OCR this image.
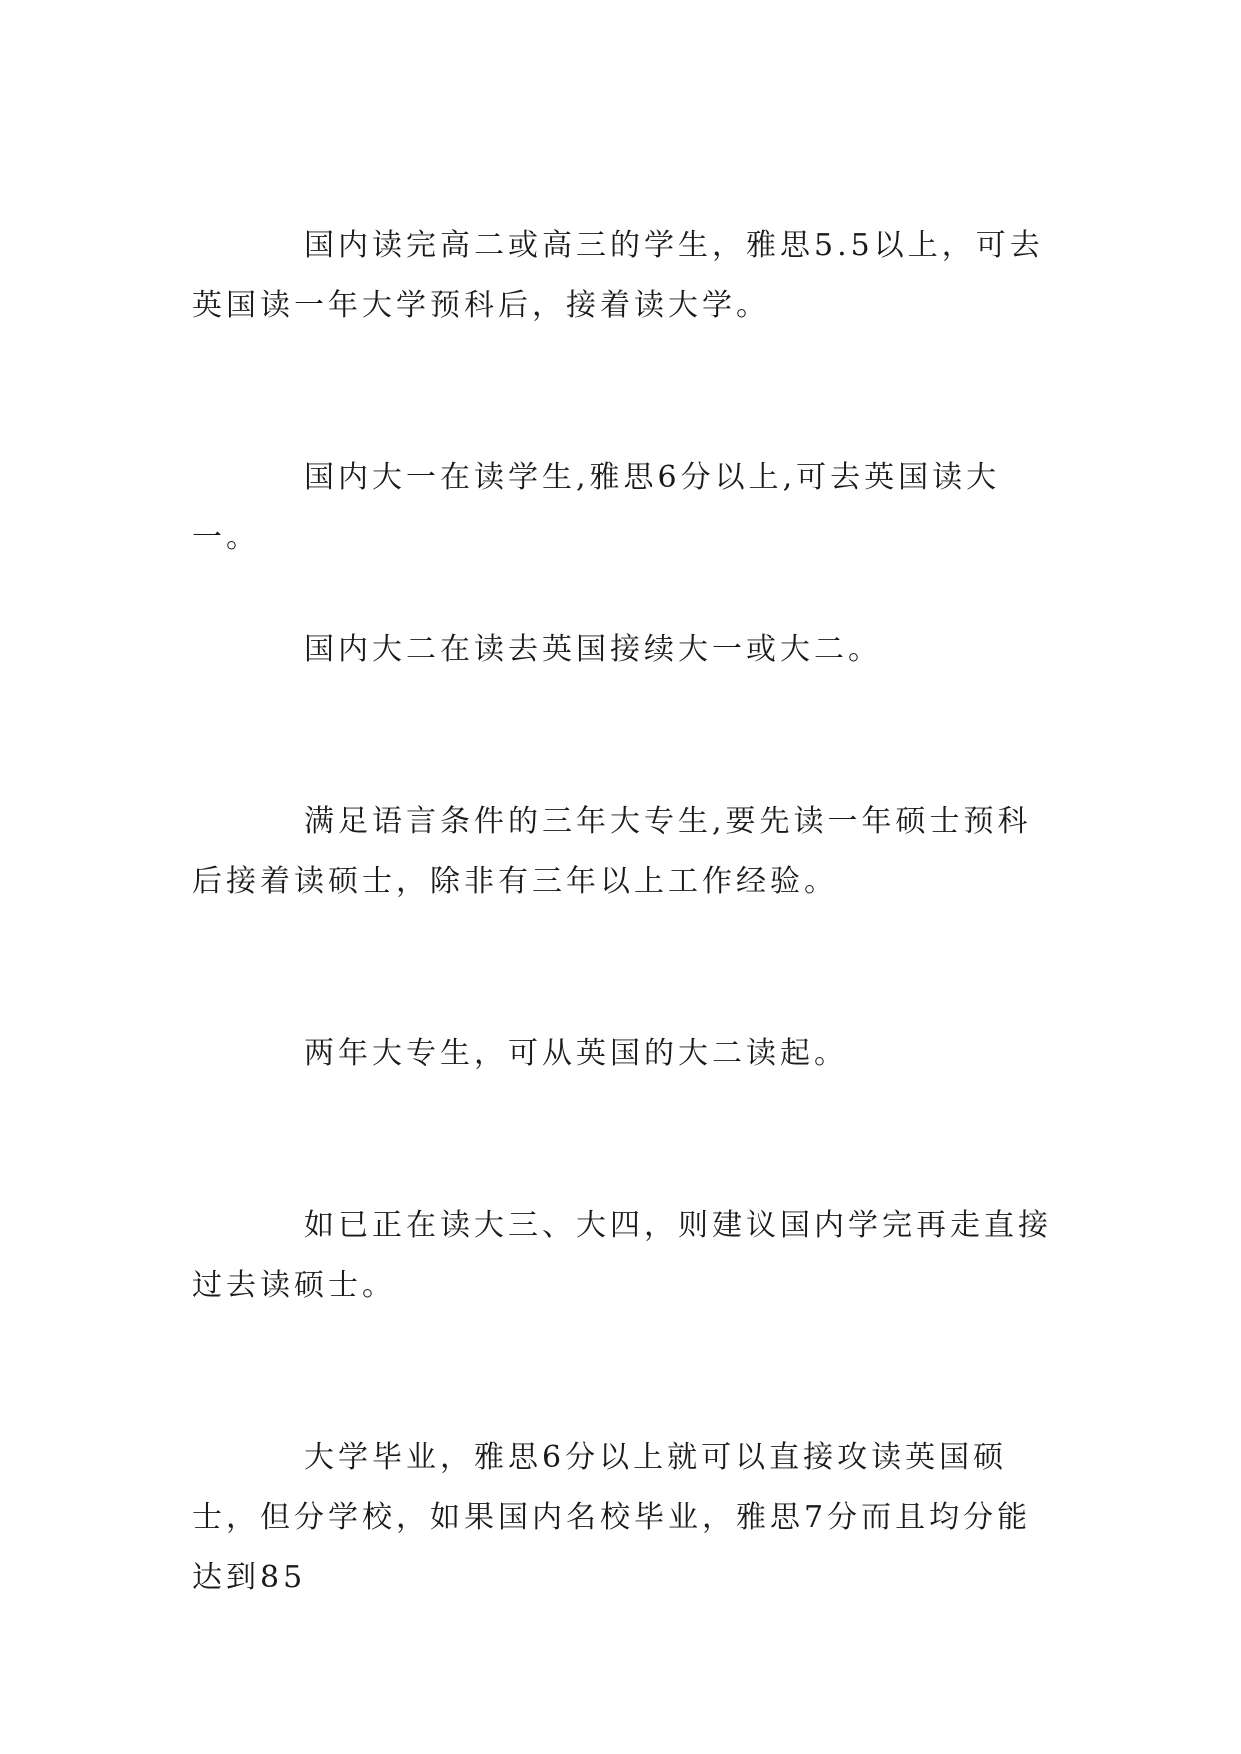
国内读完高二或高三的学生，雅思5.5以上，可去英国读一年大学预科后，接着读大学。

国内大一在读学生,雅思6分以上,可去英国读大一。

国内大二在读去英国接续大一或大二。

满足语言条件的三年大专生,要先读一年硕士预科后接着读硕士，除非有三年以上工作经验。

两年大专生，可从英国的大二读起。

如已正在读大三、大四，则建议国内学完再走直接过去读硕士。

大学毕业，雅思6分以上就可以直接攻读英国硕士，但分学校，如果国内名校毕业，雅思7分而且均分能达到85
